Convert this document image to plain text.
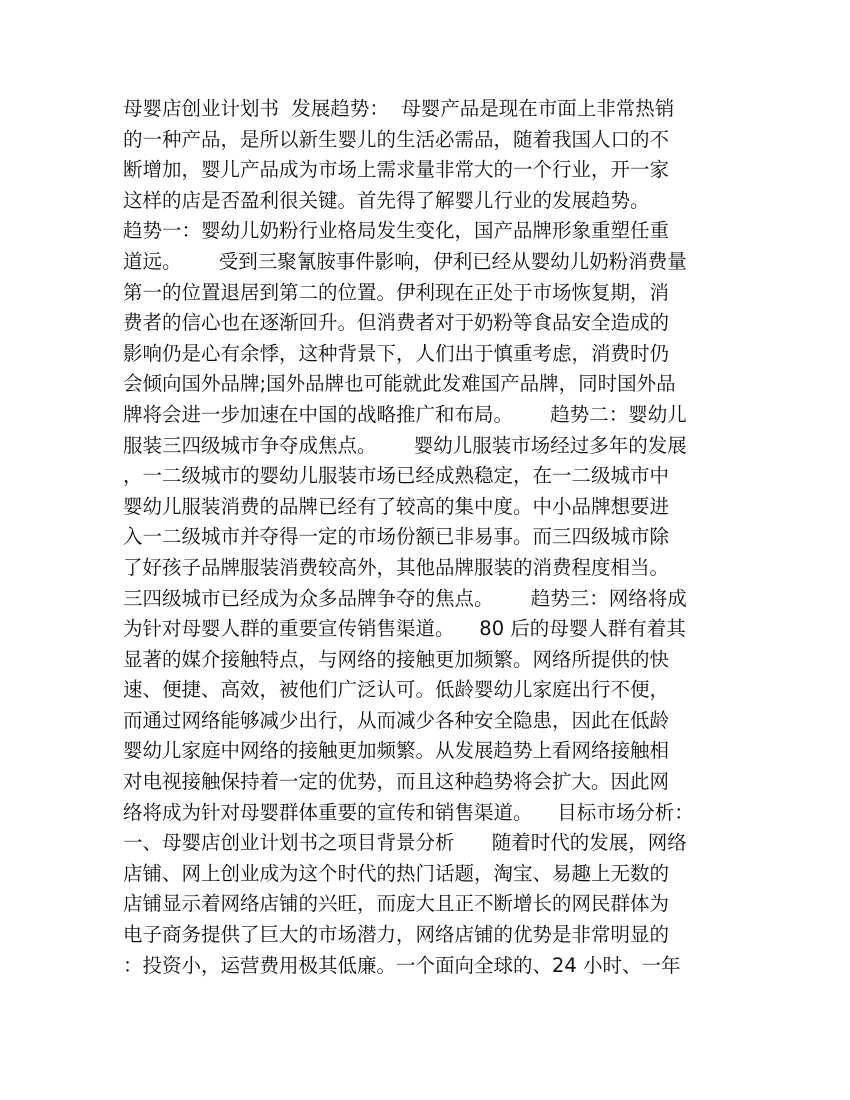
母婴店创业计划书  发展趋势：  母婴产品是现在市面上非常热销
的一种产品，是所以新生婴儿的生活必需品，随着我国人口的不
断增加，婴儿产品成为市场上需求量非常大的一个行业，开一家
这样的店是否盈利很关键。首先得了解婴儿行业的发展趋势。
趋势一：婴幼儿奶粉行业格局发生变化，国产品牌形象重塑任重
道远。      受到三聚氰胺事件影响，伊利已经从婴幼儿奶粉消费量
第一的位置退居到第二的位置。伊利现在正处于市场恢复期，消
费者的信心也在逐渐回升。但消费者对于奶粉等食品安全造成的
影响仍是心有余悸，这种背景下，人们出于慎重考虑，消费时仍
会倾向国外品牌;国外品牌也可能就此发难国产品牌，同时国外品
牌将会进一步加速在中国的战略推广和布局。      趋势二：婴幼儿
服装三四级城市争夺成焦点。      婴幼儿服装市场经过多年的发展
，一二级城市的婴幼儿服装市场已经成熟稳定，在一二级城市中
婴幼儿服装消费的品牌已经有了较高的集中度。中小品牌想要进
入一二级城市并夺得一定的市场份额已非易事。而三四级城市除
了好孩子品牌服装消费较高外，其他品牌服装的消费程度相当。
三四级城市已经成为众多品牌争夺的焦点。      趋势三：网络将成
为针对母婴人群的重要宣传销售渠道。    80 后的母婴人群有着其
显著的媒介接触特点，与网络的接触更加频繁。网络所提供的快
速、便捷、高效，被他们广泛认可。低龄婴幼儿家庭出行不便，
而通过网络能够减少出行，从而减少各种安全隐患，因此在低龄
婴幼儿家庭中网络的接触更加频繁。从发展趋势上看网络接触相
对电视接触保持着一定的优势，而且这种趋势将会扩大。因此网
络将成为针对母婴群体重要的宣传和销售渠道。    目标市场分析：
一、母婴店创业计划书之项目背景分析      随着时代的发展，网络
店铺、网上创业成为这个时代的热门话题，淘宝、易趣上无数的
店铺显示着网络店铺的兴旺，而庞大且正不断增长的网民群体为
电子商务提供了巨大的市场潜力，网络店铺的优势是非常明显的
：投资小，运营费用极其低廉。一个面向全球的、24 小时、一年
